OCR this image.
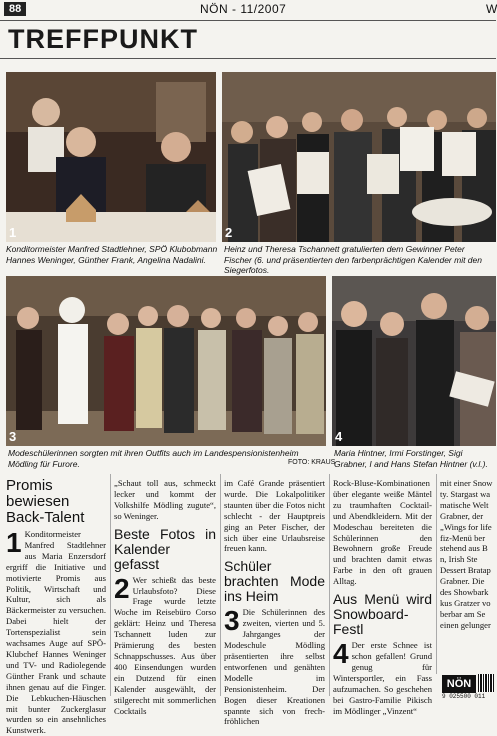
88	NÖN - 11/2007	W
TREFFPUNKT
1
Konditormeister Manfred Stadtlehner, SPÖ Klubobmann Hannes Weninger, Günther Frank, Angelina Nadalini.
2
Heinz und Theresa Tschannett gratulierten dem Gewinner Peter Fischer (6. und präsentierten den farbenprächtigen Kalender mit den Siegerfotos.
3
Modeschülerinnen sorgten mit ihren Outfits auch im Landespensionistenheim Mödling für Furore.	FOTO: KRAUS
4
Maria Hintner, Irmi Forstinger, Sigi Grabner, I and Hans Stefan Hintner (v.l.).
Promis bewiesen Back-Talent
1 Konditormeister Manfred Stadtlehner aus Maria Enzersdorf ergriff die Initiative und motivierte Promis aus Politik, Wirtschaft und Kultur, sich als Bäckermeister zu versuchen. Dabei hielt der Tortenspezialist sein wachsames Auge auf SPÖ-Klubchef Hannes Weninger und TV- und Radiolegende Günther Frank und schaute ihnen genau auf die Finger. Die Lebkuchen-Häuschen mit bunter Zuckerglasur wurden so ein ansehnliches Kunstwerk.

„Schaut toll aus, schmeckt lecker und kommt der Volkshilfe Mödling zugute“, so Weninger.

Beste Fotos in Kalender gefasst
2 Wer schießt das beste Urlaubsfoto? Diese Frage wurde letzte Woche im Reisebüro Corso geklärt: Heinz und Theresa Tschannett luden zur Prämierung des besten Schnappschusses. Aus über 400 Einsendungen wurden ein Dutzend für einen Kalender ausgewählt, der stilgerecht mit sommerlichen Cocktails

im Café Grande präsentiert wurde. Die Lokalpolitiker staunten über die Fotos nicht schlecht - der Hauptpreis ging an Peter Fischer, der sich über eine Urlaubsreise freuen kann.

Schüler brachten Mode ins Heim
3 Die Schülerinnen des zweiten, vierten und 5. Jahrganges der Modeschule Mödling präsentierten ihre selbst entworfenen und genähten Modelle im Pensionistenheim. Der Bogen dieser Kreationen spannte sich von frech-fröhlichen

Rock-Bluse-Kombinationen über elegante weiße Mäntel zu traumhaften Cocktail- und Abendkleidern. Mit der Modeschau bereiteten die Schülerinnen den Bewohnern große Freude und brachten damit etwas Farbe in den oft grauen Alltag.

Aus Menü wird Snowboard-Festl
4 Der erste Schnee ist schon gefallen! Grund genug für Wintersportler, ein Fass aufzumachen. So geschehen bei Gastro-Familie Pikisch im Mödlinger „Vinzent“

mit einer Snow ty. Stargast wa matische Welt Grabner, der „Wings for life fiz-Menü ber stehend aus B n, Irish Ste Dessert Bratap Grabner. Die des Showbark kus Gratzer vo berbar am Se einen gelunger

NÖN
9 025500 011
